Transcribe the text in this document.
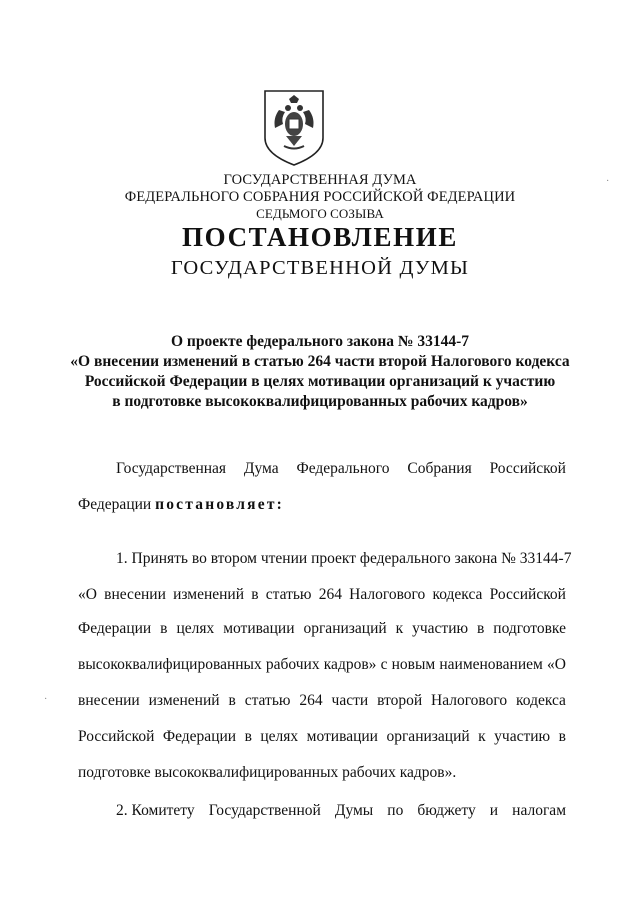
ГОСУДАРСТВЕННАЯ ДУМА
ФЕДЕРАЛЬНОГО СОБРАНИЯ РОССИЙСКОЙ ФЕДЕРАЦИИ
СЕДЬМОГО СОЗЫВА
ПОСТАНОВЛЕНИЕ
ГОСУДАРСТВЕННОЙ ДУМЫ
О проекте федерального закона № 33144-7
«О внесении изменений в статью 264 части второй Налогового кодекса
Российской Федерации в целях мотивации организаций к участию
в подготовке высококвалифицированных рабочих кадров»
Государственная Дума Федерального Собрания Российской
Федерации постановляет:
1. Принять во втором чтении проект федерального закона № 33144-7
«О внесении изменений в статью 264 Налогового кодекса Российской
Федерации в целях мотивации организаций к участию в подготовке
высококвалифицированных рабочих кадров» с новым наименованием «О
внесении изменений в статью 264 части второй Налогового кодекса
Российской Федерации в целях мотивации организаций к участию в
подготовке высококвалифицированных рабочих кадров».
2. Комитету Государственной Думы по бюджету и налогам
·
·
